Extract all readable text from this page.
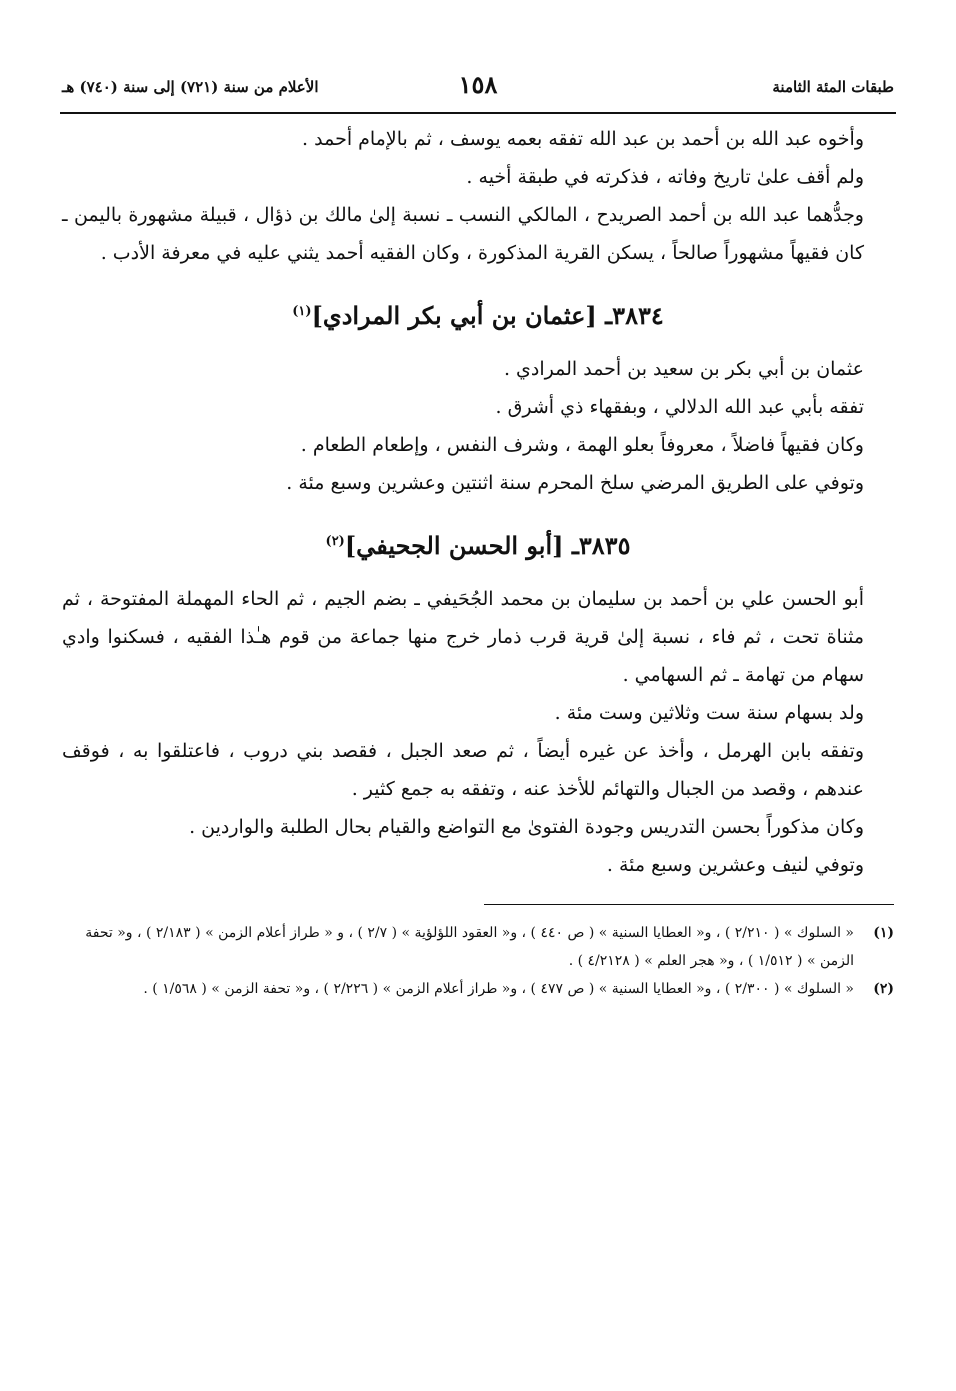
طبقات المئة الثامنة
١٥٨
الأعلام من سنة (٧٢١) إلى سنة (٧٤٠) هـ

وأخوه عبد الله بن أحمد بن عبد الله تفقه بعمه يوسف ، ثم بالإمام أحمد .

ولم أقف علىٰ تاريخ وفاته ، فذكرته في طبقة أخيه .

وجدُّهما عبد الله بن أحمد الصريدح ، المالكي النسب ـ نسبة إلىٰ مالك بن ذؤال ، قبيلة مشهورة باليمن ـ كان فقيهاً مشهوراً صالحاً ، يسكن القرية المذكورة ، وكان الفقيه أحمد يثني عليه في معرفة الأدب .

٣٨٣٤ـ [عثمان بن أبي بكر المرادي]$^{(١)}$

عثمان بن أبي بكر بن سعيد بن أحمد المرادي .

تفقه بأبي عبد الله الدلالي ، وبفقهاء ذي أشرق .

وكان فقيهاً فاضلاً ، معروفاً بعلو الهمة ، وشرف النفس ، وإطعام الطعام .

وتوفي على الطريق المرضي سلخ المحرم سنة اثنتين وعشرين وسبع مئة .

٣٨٣٥ـ [أبو الحسن الجحيفي]$^{(٢)}$

أبو الحسن علي بن أحمد بن سليمان بن محمد الجُحَيفي ـ بضم الجيم ، ثم الحاء المهملة المفتوحة ، ثم مثناة تحت ، ثم فاء ، نسبة إلىٰ قرية قرب ذمار خرج منها جماعة من قوم هـٰذا الفقيه ، فسكنوا وادي سهام من تهامة ـ ثم السهامي .

ولد بسهام سنة ست وثلاثين وست مئة .

وتفقه بابن الهرمل ، وأخذ عن غيره أيضاً ، ثم صعد الجبل ، فقصد بني دروب ، فاعتلقوا به ، فوقف عندهم ، وقصد من الجبال والتهائم للأخذ عنه ، وتفقه به جمع كثير .

وكان مذكوراً بحسن التدريس وجودة الفتوىٰ مع التواضع والقيام بحال الطلبة والواردين .

وتوفي لنيف وعشرين وسبع مئة .

(١)
« السلوك » ( ٢/٢١٠ ) ، و« العطايا السنية » ( ص ٤٤٠ ) ، و« العقود اللؤلؤية » ( ٢/٧ ) ، و « طراز أعلام الزمن » ( ٢/١٨٣ ) ، و« تحفة الزمن » ( ١/٥١٢ ) ، و« هجر العلم » ( ٤/٢١٢٨ ) .
(٢)
« السلوك » ( ٢/٣٠٠ ) ، و« العطايا السنية » ( ص ٤٧٧ ) ، و« طراز أعلام الزمن » ( ٢/٢٢٦ ) ، و« تحفة الزمن » ( ١/٥٦٨ ) .
